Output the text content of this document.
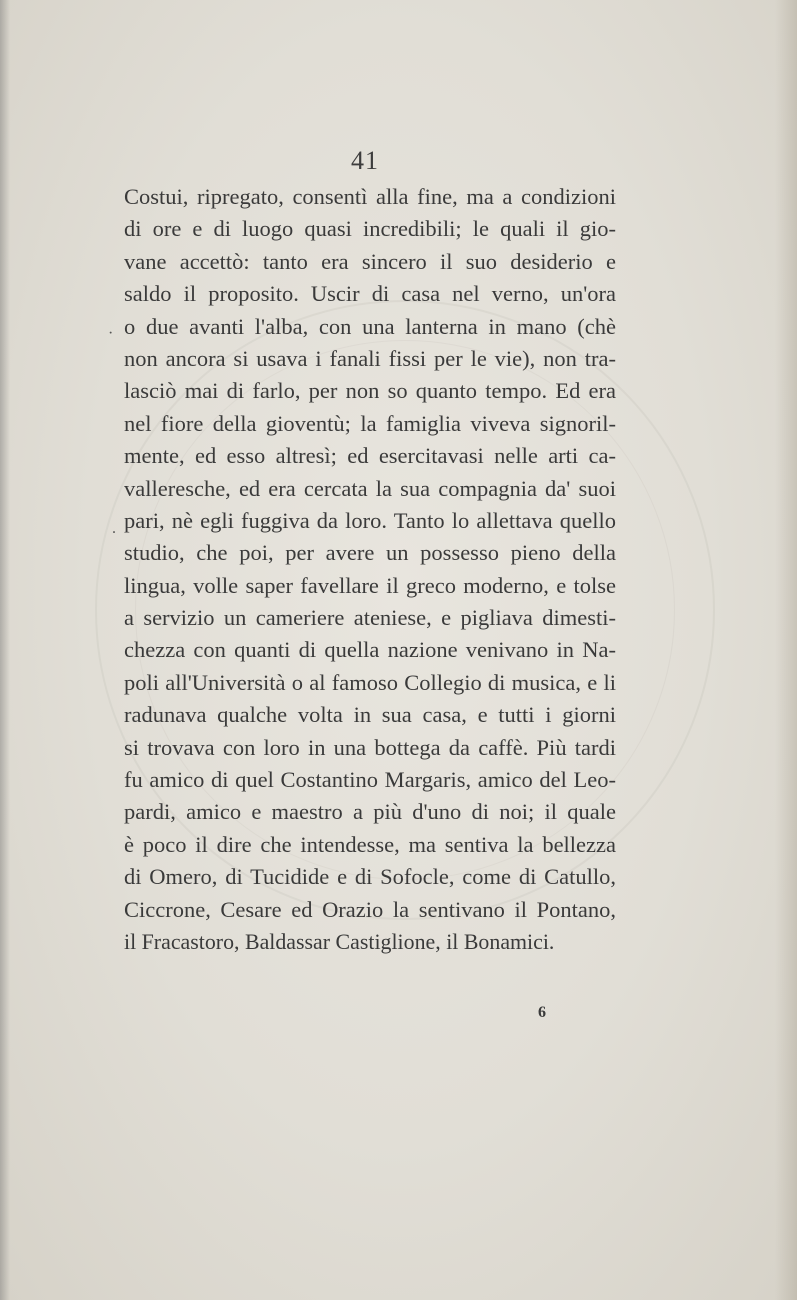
41
Costui, ripregato, consentì alla fine, ma a condizioni
di ore e di luogo quasi incredibili; le quali il gio-
vane accettò: tanto era sincero il suo desiderio e
saldo il proposito. Uscir di casa nel verno, un'ora
o due avanti l'alba, con una lanterna in mano (chè
non ancora si usava i fanali fissi per le vie), non tra-
lasciò mai di farlo, per non so quanto tempo. Ed era
nel fiore della gioventù; la famiglia viveva signoril-
mente, ed esso altresì; ed esercitavasi nelle arti ca-
valleresche, ed era cercata la sua compagnia da' suoi
pari, nè egli fuggiva da loro. Tanto lo allettava quello
studio, che poi, per avere un possesso pieno della
lingua, volle saper favellare il greco moderno, e tolse
a servizio un cameriere ateniese, e pigliava dimesti-
chezza con quanti di quella nazione venivano in Na-
poli all'Università o al famoso Collegio di musica, e li
radunava qualche volta in sua casa, e tutti i giorni
si trovava con loro in una bottega da caffè. Più tardi
fu amico di quel Costantino Margaris, amico del Leo-
pardi, amico e maestro a più d'uno di noi; il quale
è poco il dire che intendesse, ma sentiva la bellezza
di Omero, di Tucidide e di Sofocle, come di Catullo,
Ciccrone, Cesare ed Orazio la sentivano il Pontano,
il Fracastoro, Baldassar Castiglione, il Bonamici.
·
.
6
